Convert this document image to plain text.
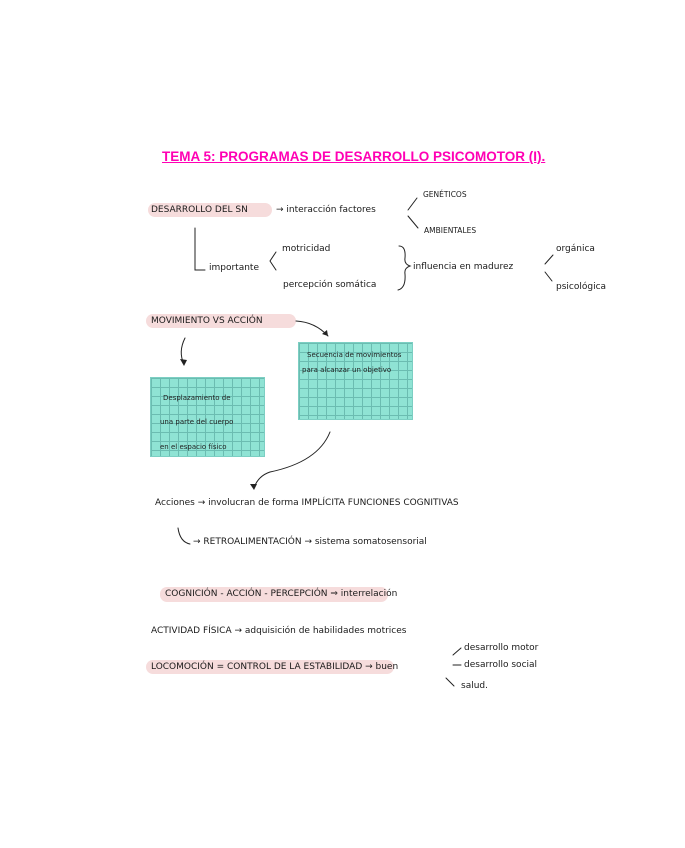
TEMA 5: PROGRAMAS DE DESARROLLO PSICOMOTOR (I).
DESARROLLO DEL SN	→ interacción factores
GENÉTICOS
AMBIENTALES
importante
motricidad
percepción somática
influencia en madurez
orgánica
psicológica
MOVIMIENTO VS ACCIÓN
Desplazamiento de
una parte del cuerpo
en el espacio físico
Secuencia de movimientos
para alcanzar un objetivo
Acciones → involucran de forma IMPLÍCITA FUNCIONES COGNITIVAS
→ RETROALIMENTACIÓN → sistema somatosensorial
COGNICIÓN - ACCIÓN - PERCEPCIÓN ⇒ interrelación
ACTIVIDAD FÍSICA → adquisición de habilidades motrices
LOCOMOCIÓN = CONTROL DE LA ESTABILIDAD → buen
desarrollo motor
desarrollo social
salud.
